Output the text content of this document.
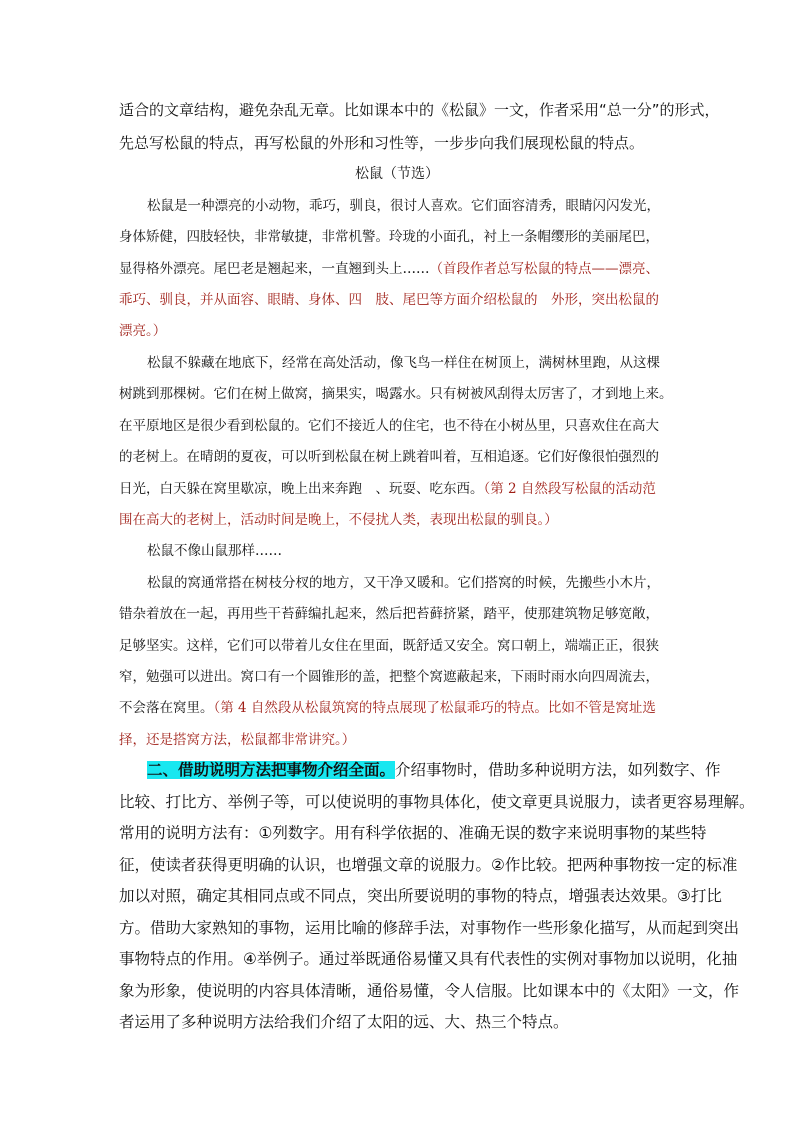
适合的文章结构，避免杂乱无章。比如课本中的《松鼠》一文，作者采用“总一分”的形式，
先总写松鼠的特点，再写松鼠的外形和习性等，一步步向我们展现松鼠的特点。
松鼠（节选）
松鼠是一种漂亮的小动物，乖巧，驯良，很讨人喜欢。它们面容清秀，眼睛闪闪发光，
身体矫健，四肢轻快，非常敏捷，非常机警。玲珑的小面孔，衬上一条帽缨形的美丽尾巴，
显得格外漂亮。尾巴老是翘起来，一直翘到头上……（首段作者总写松鼠的特点——漂亮、
乖巧、驯良，并从面容、眼睛、身体、四　肢、尾巴等方面介绍松鼠的　外形，突出松鼠的
漂亮。）
松鼠不躲藏在地底下，经常在高处活动，像飞鸟一样住在树顶上，满树林里跑，从这棵
树跳到那棵树。它们在树上做窝，摘果实，喝露水。只有树被风刮得太厉害了，才到地上来。
在平原地区是很少看到松鼠的。它们不接近人的住宅，也不待在小树丛里，只喜欢住在高大
的老树上。在晴朗的夏夜，可以听到松鼠在树上跳着叫着，互相追逐。它们好像很怕强烈的
日光，白天躲在窝里歇凉，晚上出来奔跑　、玩耍、吃东西。（第 2 自然段写松鼠的活动范
围在高大的老树上，活动时间是晚上，不侵扰人类，表现出松鼠的驯良。）
松鼠不像山鼠那样……
松鼠的窝通常搭在树枝分杈的地方，又干净又暖和。它们搭窝的时候，先搬些小木片，
错杂着放在一起，再用些干苔藓编扎起来，然后把苔藓挤紧，踏平，使那建筑物足够宽敞，
足够坚实。这样，它们可以带着儿女住在里面，既舒适又安全。窝口朝上，端端正正，很狭
窄，勉强可以进出。窝口有一个圆锥形的盖，把整个窝遮蔽起来，下雨时雨水向四周流去，
不会落在窝里。（第 4 自然段从松鼠筑窝的特点展现了松鼠乖巧的特点。比如不管是窝址选
择，还是搭窝方法，松鼠都非常讲究。）
二、借助说明方法把事物介绍全面。介绍事物时，借助多种说明方法，如列数字、作
比较、打比方、举例子等，可以使说明的事物具体化，使文章更具说服力，读者更容易理解。
常用的说明方法有：①列数字。用有科学依据的、准确无误的数字来说明事物的某些特
征，使读者获得更明确的认识，也增强文章的说服力。②作比较。把两种事物按一定的标准
加以对照，确定其相同点或不同点，突出所要说明的事物的特点，增强表达效果。③打比
方。借助大家熟知的事物，运用比喻的修辞手法，对事物作一些形象化描写，从而起到突出
事物特点的作用。④举例子。通过举既通俗易懂又具有代表性的实例对事物加以说明，化抽
象为形象，使说明的内容具体清晰，通俗易懂，令人信服。比如课本中的《太阳》一文，作
者运用了多种说明方法给我们介绍了太阳的远、大、热三个特点。
